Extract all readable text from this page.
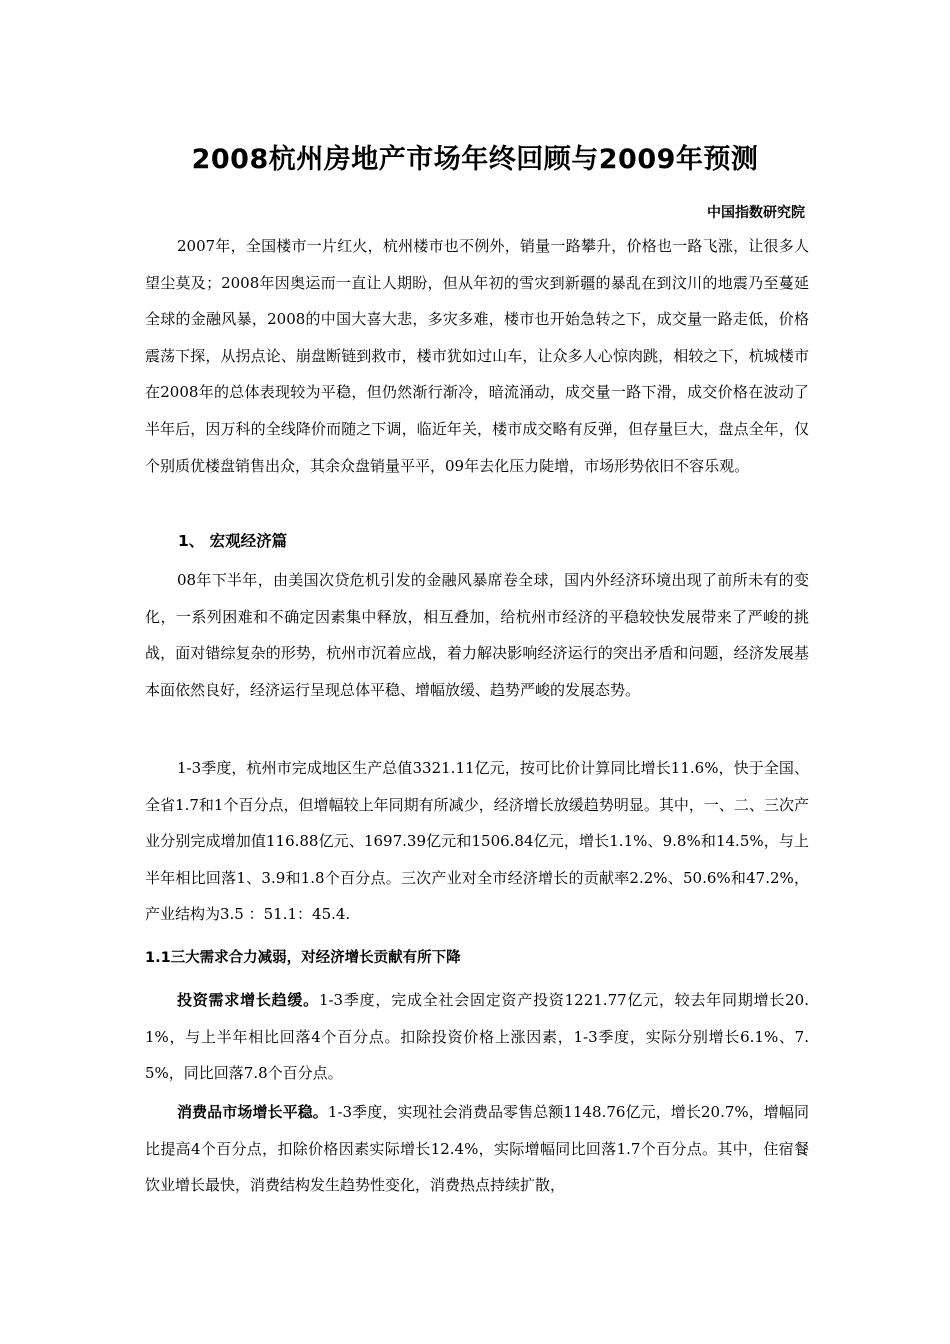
2008杭州房地产市场年终回顾与2009年预测
中国指数研究院

2007年，全国楼市一片红火，杭州楼市也不例外，销量一路攀升，价格也一路飞涨，让很多人望尘莫及；2008年因奥运而一直让人期盼，但从年初的雪灾到新疆的暴乱在到汶川的地震乃至蔓延全球的金融风暴，2008的中国大喜大悲，多灾多难，楼市也开始急转之下，成交量一路走低，价格震荡下探，从拐点论、崩盘断链到救市，楼市犹如过山车，让众多人心惊肉跳，相较之下，杭城楼市在2008年的总体表现较为平稳，但仍然渐行渐冷，暗流涌动，成交量一路下滑，成交价格在波动了半年后，因万科的全线降价而随之下调，临近年关，楼市成交略有反弹，但存量巨大，盘点全年，仅个别质优楼盘销售出众，其余众盘销量平平，09年去化压力陡增，市场形势依旧不容乐观。

1、 宏观经济篇

08年下半年，由美国次贷危机引发的金融风暴席卷全球，国内外经济环境出现了前所未有的变化，一系列困难和不确定因素集中释放，相互叠加，给杭州市经济的平稳较快发展带来了严峻的挑战，面对错综复杂的形势，杭州市沉着应战，着力解决影响经济运行的突出矛盾和问题，经济发展基本面依然良好，经济运行呈现总体平稳、增幅放缓、趋势严峻的发展态势。

1-3季度，杭州市完成地区生产总值3321.11亿元，按可比价计算同比增长11.6%，快于全国、全省1.7和1个百分点，但增幅较上年同期有所减少，经济增长放缓趋势明显。其中，一、二、三次产业分别完成增加值116.88亿元、1697.39亿元和1506.84亿元，增长1.1%、9.8%和14.5%，与上半年相比回落1、3.9和1.8个百分点。三次产业对全市经济增长的贡献率2.2%、50.6%和47.2%，产业结构为3.5 ：51.1：45.4.

1.1三大需求合力减弱，对经济增长贡献有所下降

投资需求增长趋缓。1-3季度，完成全社会固定资产投资1221.77亿元，较去年同期增长20.1%，与上半年相比回落4个百分点。扣除投资价格上涨因素，1-3季度，实际分别增长6.1%、7.5%，同比回落7.8个百分点。

消费品市场增长平稳。1-3季度，实现社会消费品零售总额1148.76亿元，增长20.7%，增幅同比提高4个百分点，扣除价格因素实际增长12.4%，实际增幅同比回落1.7个百分点。其中，住宿餐饮业增长最快，消费结构发生趋势性变化，消费热点持续扩散，
